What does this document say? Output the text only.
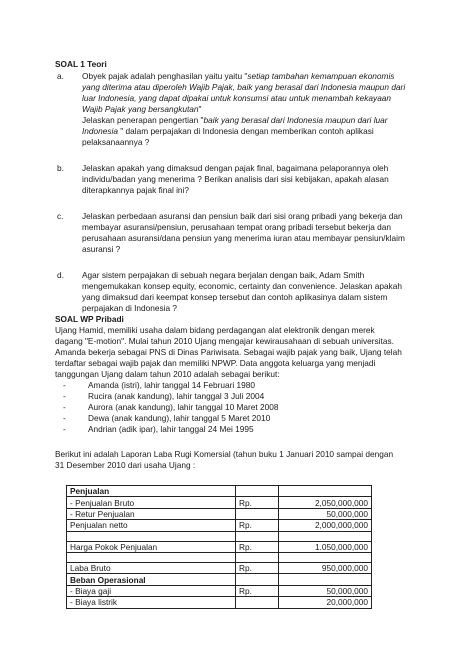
SOAL 1 Teori
a. Obyek pajak adalah penghasilan yaitu yaitu "setiap tambahan kemampuan ekonomis
yang diterima atau diperoleh Wajib Pajak, baik yang berasal dari Indonesia maupun dari
luar Indonesia, yang dapat dipakai untuk konsumsi atau untuk menambah kekayaan
Wajib Pajak yang bersangkutan"
Jelaskan penerapan pengertian "baik yang berasal dari Indonesia maupun dari luar
Indonesia " dalam perpajakan di Indonesia dengan memberikan contoh aplikasi
pelaksanaannya ?
b. Jelaskan apakah yang dimaksud dengan pajak final, bagaimana pelaporannya oleh
individu/badan yang menerima ? Berikan analisis dari sisi kebijakan, apakah alasan
diterapkannya pajak final ini?
c. Jelaskan perbedaan asuransi dan pensiun baik dari sisi orang pribadi yang bekerja dan
membayar asuransi/pensiun, perusahaan tempat orang pribadi tersebut bekerja dan
perusahaan asuransi/dana pensiun yang menerima iuran atau membayar pensiun/klaim
asuransi ?
d. Agar sistem perpajakan di sebuah negara berjalan dengan baik, Adam Smith
mengemukakan konsep equity, economic, certainty dan convenience. Jelaskan apakah
yang dimaksud dari keempat konsep tersebut dan contoh aplikasinya dalam sistem
perpajakan di Indonesia ?
SOAL WP Pribadi
Ujang Hamid, memiliki usaha dalam bidang perdagangan alat elektronik dengan merek
dagang "E-motion". Mulai tahun 2010 Ujang mengajar kewirausahaan di sebuah universitas.
Amanda bekerja sebagai PNS di Dinas Pariwisata. Sebagai wajib pajak yang baik, Ujang telah
terdaftar sebagai wajib pajak dan memiliki NPWP. Data anggota keluarga yang menjadi
tanggungan Ujang dalam tahun 2010 adalah sebagai berikut:
-	Amanda (istri), lahir tanggal 14 Februari 1980
-	Rucira (anak kandung), lahir tanggal 3 Juli 2004
-	Aurora (anak kandung), lahir tanggal 10 Maret 2008
-	Dewa (anak kandung), lahir tanggal 5 Maret 2010
-	Andrian (adik ipar), lahir tanggal 24 Mei 1995
Berikut ini adalah Laporan Laba Rugi Komersial (tahun buku 1 Januari 2010 sampai dengan
31 Desember 2010 dari usaha Ujang :
Penjualan		
- Penjualan Bruto	Rp.	2,050,000,000
- Retur Penjualan		50,000,000
Penjualan netto	Rp.	2,000,000,000

Harga Pokok Penjualan	Rp.	1.050,000,000

Laba Bruto	Rp.	950,000,000
Beban Operasional		
- Biaya gaji	Rp.	50,000,000
- Biaya listrik		20,000,000
